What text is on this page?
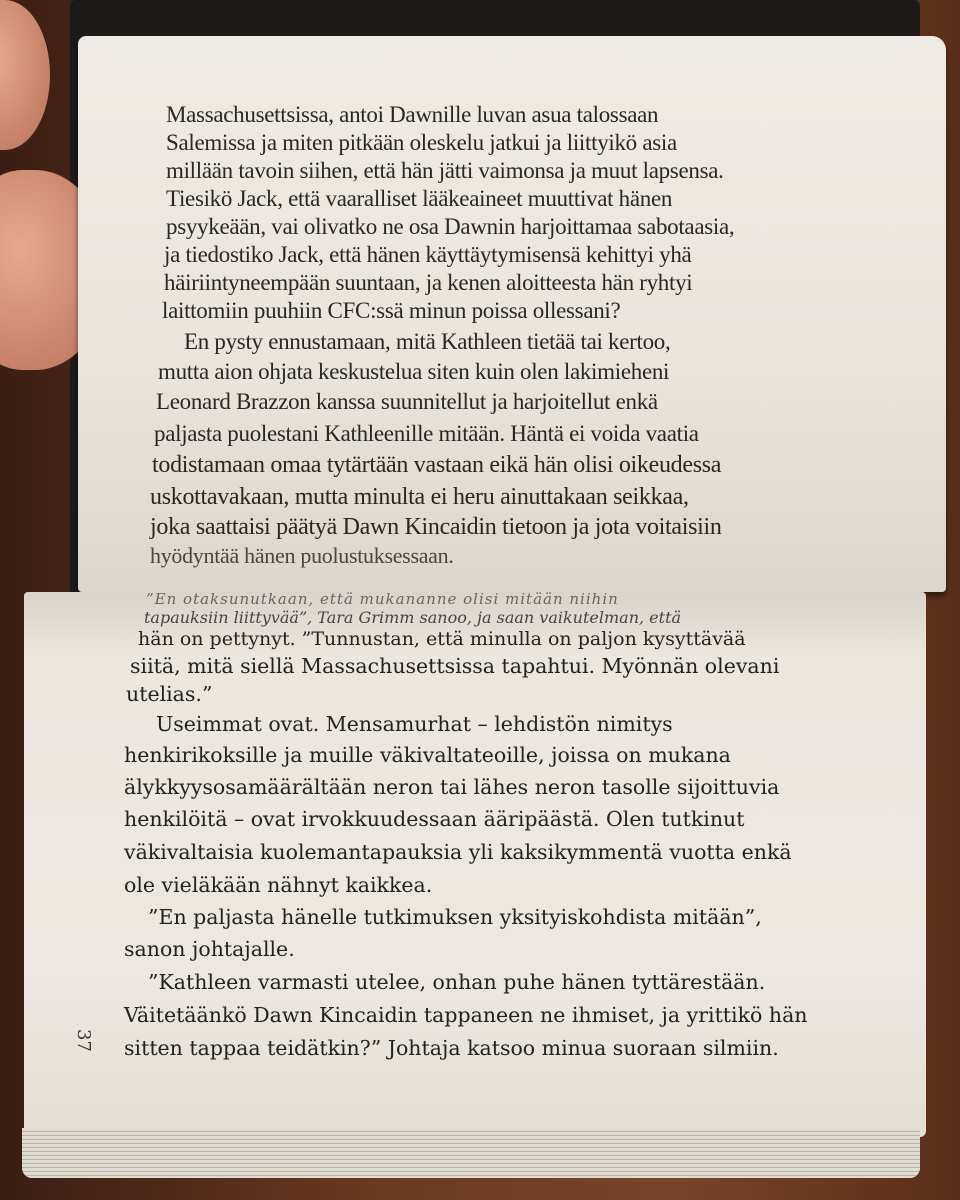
Massachusettsissa, antoi Dawnille luvan asua talossaan
Salemissa ja miten pitkään oleskelu jatkui ja liittyikö asia
millään tavoin siihen, että hän jätti vaimonsa ja muut lapsensa.
Tiesikö Jack, että vaaralliset lääkeaineet muuttivat hänen
psyykeään, vai olivatko ne osa Dawnin harjoittamaa sabotaasia,
ja tiedostiko Jack, että hänen käyttäytymisensä kehittyi yhä
häiriintyneempään suuntaan, ja kenen aloitteesta hän ryhtyi
laittomiin puuhiin CFC:ssä minun poissa ollessani?
En pysty ennustamaan, mitä Kathleen tietää tai kertoo,
mutta aion ohjata keskustelua siten kuin olen lakimieheni
Leonard Brazzon kanssa suunnitellut ja harjoitellut enkä
paljasta puolestani Kathleenille mitään. Häntä ei voida vaatia
todistamaan omaa tytärtään vastaan eikä hän olisi oikeudessa
uskottavakaan, mutta minulta ei heru ainuttakaan seikkaa,
joka saattaisi päätyä Dawn Kincaidin tietoon ja jota voitaisiin
hyödyntää hänen puolustuksessaan.
”En otaksunutkaan, että mukananne olisi mitään niihin
tapauksiin liittyvää”, Tara Grimm sanoo, ja saan vaikutelman, että
hän on pettynyt. ”Tunnustan, että minulla on paljon kysyttävää
siitä, mitä siellä Massachusettsissa tapahtui. Myönnän olevani
utelias.”
Useimmat ovat. Mensamurhat – lehdistön nimitys
henkirikoksille ja muille väkivaltateoille, joissa on mukana
älykkyysosamäärältään neron tai lähes neron tasolle sijoittuvia
henkilöitä – ovat irvokkuudessaan ääripäästä. Olen tutkinut
väkivaltaisia kuolemantapauksia yli kaksikymmentä vuotta enkä
ole vieläkään nähnyt kaikkea.
”En paljasta hänelle tutkimuksen yksityiskohdista mitään”,
sanon johtajalle.
”Kathleen varmasti utelee, onhan puhe hänen tyttärestään.
Väitetäänkö Dawn Kincaidin tappaneen ne ihmiset, ja yrittikö hän
sitten tappaa teidätkin?” Johtaja katsoo minua suoraan silmiin.
37
